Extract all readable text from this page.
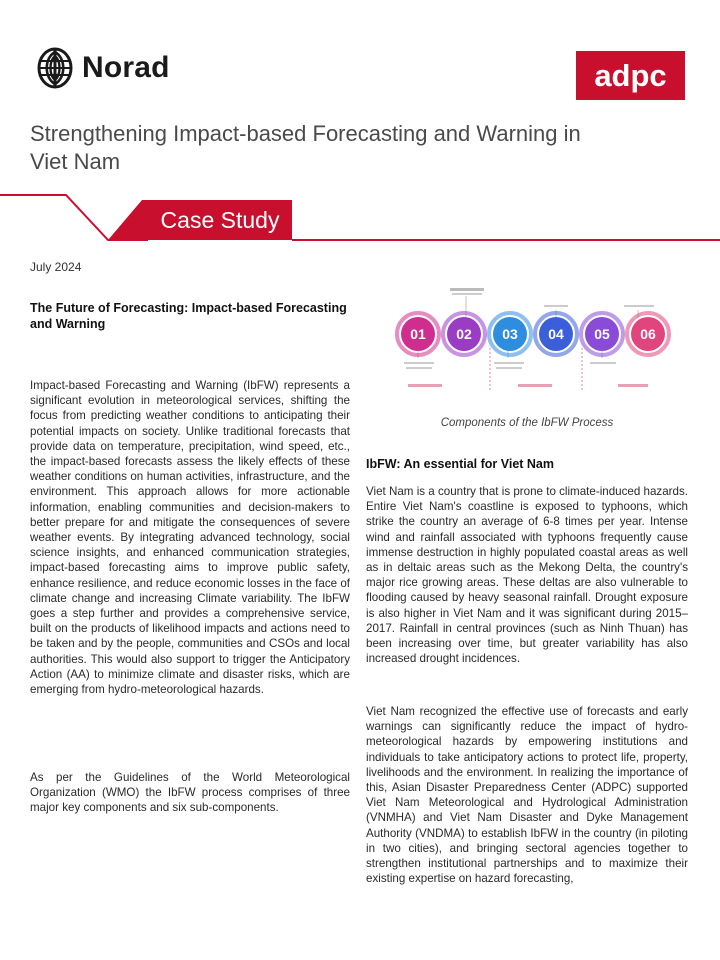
Norad	adpc
Strengthening Impact-based Forecasting and Warning in Viet Nam
Case Study
July 2024
The Future of Forecasting: Impact-based Forecasting and Warning

Impact-based Forecasting and Warning (IbFW) represents a significant evolution in meteorological services, shifting the focus from predicting weather conditions to anticipating their potential impacts on society. Unlike traditional forecasts that provide data on temperature, precipitation, wind speed, etc., the impact-based forecasts assess the likely effects of these weather conditions on human activities, infrastructure, and the environment. This approach allows for more actionable information, enabling communities and decision-makers to better prepare for and mitigate the consequences of severe weather events. By integrating advanced technology, social science insights, and enhanced communication strategies, impact-based forecasting aims to improve public safety, enhance resilience, and reduce economic losses in the face of climate change and increasing Climate variability. The IbFW goes a step further and provides a comprehensive service, built on the products of likelihood impacts and actions need to be taken and by the people, communities and CSOs and local authorities. This would also support to trigger the Anticipatory Action (AA) to minimize climate and disaster risks, which are emerging from hydro-meteorological hazards.

As per the Guidelines of the World Meteorological Organization (WMO) the IbFW process comprises of three major key components and six sub-components.

01 02 03 04 05 06
Components of the IbFW Process
IbFW: An essential for Viet Nam

Viet Nam is a country that is prone to climate-induced hazards. Entire Viet Nam's coastline is exposed to typhoons, which strike the country an average of 6-8 times per year. Intense wind and rainfall associated with typhoons frequently cause immense destruction in highly populated coastal areas as well as in deltaic areas such as the Mekong Delta, the country's major rice growing areas. These deltas are also vulnerable to flooding caused by heavy seasonal rainfall. Drought exposure is also higher in Viet Nam and it was significant during 2015–2017. Rainfall in central provinces (such as Ninh Thuan) has been increasing over time, but greater variability has also increased drought incidences.

Viet Nam recognized the effective use of forecasts and early warnings can significantly reduce the impact of hydro-meteorological hazards by empowering institutions and individuals to take anticipatory actions to protect life, property, livelihoods and the environment. In realizing the importance of this, Asian Disaster Preparedness Center (ADPC) supported Viet Nam Meteorological and Hydrological Administration (VNMHA) and Viet Nam Disaster and Dyke Management Authority (VNDMA) to establish IbFW in the country (in piloting in two cities), and bringing sectoral agencies together to strengthen institutional partnerships and to maximize their existing expertise on hazard forecasting,
